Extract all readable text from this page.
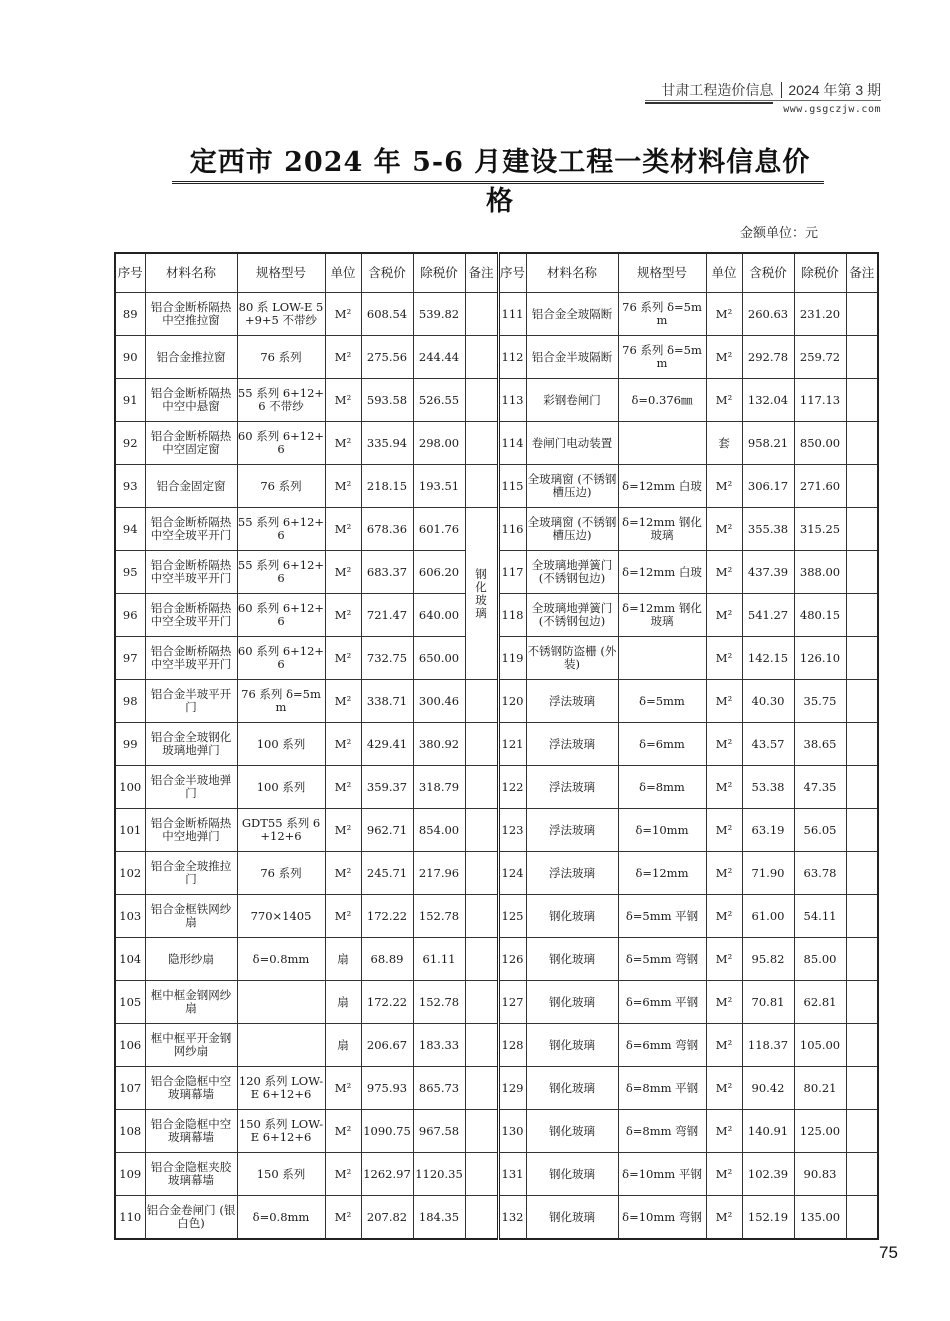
甘肃工程造价信息 2024 年第 3 期
www.gsgczjw.com
定西市 2024 年 5-6 月建设工程一类材料信息价格
金额单位：元
序号	材料名称	规格型号	单位	含税价	除税价	备注	序号	材料名称	规格型号	单位	含税价	除税价	备注
89	铝合金断桥隔热中空推拉窗	80 系 LOW-E 5+9+5 不带纱	M²	608.54	539.82		111	铝合金全玻隔断	76 系列 δ=5mm	M²	260.63	231.20	
90	铝合金推拉窗	76 系列	M²	275.56	244.44		112	铝合金半玻隔断	76 系列 δ=5mm	M²	292.78	259.72	
91	铝合金断桥隔热中空中悬窗	55 系列 6+12+6 不带纱	M²	593.58	526.55		113	彩钢卷闸门	δ=0.376㎜	M²	132.04	117.13	
92	铝合金断桥隔热中空固定窗	60 系列 6+12+6	M²	335.94	298.00		114	卷闸门电动装置		套	958.21	850.00	
93	铝合金固定窗	76 系列	M²	218.15	193.51		115	全玻璃窗 (不锈钢槽压边)	δ=12mm 白玻	M²	306.17	271.60	
94	铝合金断桥隔热中空全玻平开门	55 系列 6+12+6	M²	678.36	601.76	钢化玻璃	116	全玻璃窗 (不锈钢槽压边)	δ=12mm 钢化玻璃	M²	355.38	315.25	
95	铝合金断桥隔热中空半玻平开门	55 系列 6+12+6	M²	683.37	606.20		117	全玻璃地弹簧门 (不锈钢包边)	δ=12mm 白玻	M²	437.39	388.00	
96	铝合金断桥隔热中空全玻平开门	60 系列 6+12+6	M²	721.47	640.00		118	全玻璃地弹簧门 (不锈钢包边)	δ=12mm 钢化玻璃	M²	541.27	480.15	
97	铝合金断桥隔热中空半玻平开门	60 系列 6+12+6	M²	732.75	650.00		119	不锈钢防盗栅 (外装)		M²	142.15	126.10	
98	铝合金半玻平开门	76 系列 δ=5mm	M²	338.71	300.46		120	浮法玻璃	δ=5mm	M²	40.30	35.75	
99	铝合金全玻钢化玻璃地弹门	100 系列	M²	429.41	380.92		121	浮法玻璃	δ=6mm	M²	43.57	38.65	
100	铝合金半玻地弹门	100 系列	M²	359.37	318.79		122	浮法玻璃	δ=8mm	M²	53.38	47.35	
101	铝合金断桥隔热中空地弹门	GDT55 系列 6+12+6	M²	962.71	854.00		123	浮法玻璃	δ=10mm	M²	63.19	56.05	
102	铝合金全玻推拉门	76 系列	M²	245.71	217.96		124	浮法玻璃	δ=12mm	M²	71.90	63.78	
103	铝合金框铁网纱扇	770×1405	M²	172.22	152.78		125	钢化玻璃	δ=5mm 平钢	M²	61.00	54.11	
104	隐形纱扇	δ=0.8mm	扇	68.89	61.11		126	钢化玻璃	δ=5mm 弯钢	M²	95.82	85.00	
105	框中框金钢网纱扇		扇	172.22	152.78		127	钢化玻璃	δ=6mm 平钢	M²	70.81	62.81	
106	框中框平开金钢网纱扇		扇	206.67	183.33		128	钢化玻璃	δ=6mm 弯钢	M²	118.37	105.00	
107	铝合金隐框中空玻璃幕墙	120 系列 LOW-E 6+12+6	M²	975.93	865.73		129	钢化玻璃	δ=8mm 平钢	M²	90.42	80.21	
108	铝合金隐框中空玻璃幕墙	150 系列 LOW-E 6+12+6	M²	1090.75	967.58		130	钢化玻璃	δ=8mm 弯钢	M²	140.91	125.00	
109	铝合金隐框夹胶玻璃幕墙	150 系列	M²	1262.97	1120.35		131	钢化玻璃	δ=10mm 平钢	M²	102.39	90.83	
110	铝合金卷闸门 (银白色)	δ=0.8mm	M²	207.82	184.35		132	钢化玻璃	δ=10mm 弯钢	M²	152.19	135.00	
75
